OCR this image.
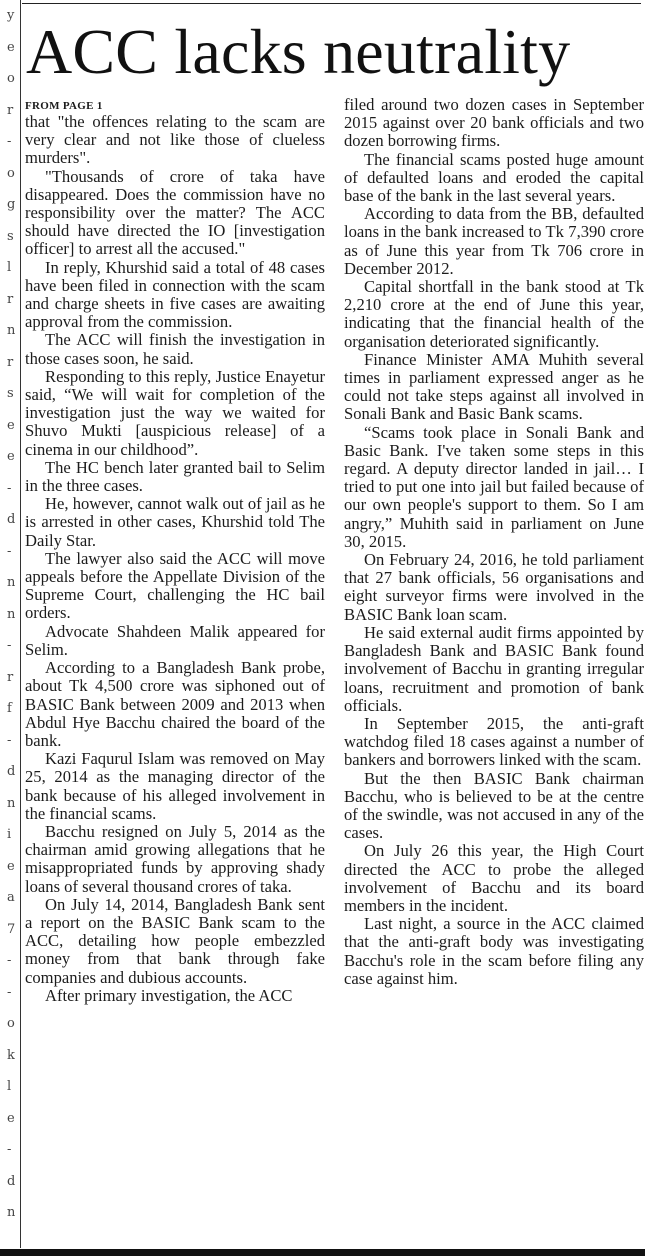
y
e
o
r
-
o
g
s
l
r
n
r
s
e
e
-
d
-
n
n
-
r
f
-
d
n
i
e
a
7
-
-
o
k
l
e
-
d
n
ACC lacks neutrality
FROM PAGE 1

that "the offences relating to the scam are very clear and not like those of clueless murders".

"Thousands of crore of taka have disappeared. Does the commission have no responsibility over the matter? The ACC should have directed the IO [investigation officer] to arrest all the accused."

In reply, Khurshid said a total of 48 cases have been filed in connection with the scam and charge sheets in five cases are awaiting approval from the commission.

The ACC will finish the investigation in those cases soon, he said.

Responding to this reply, Justice Enayetur said, “We will wait for completion of the investigation just the way we waited for Shuvo Mukti [auspicious release] of a cinema in our childhood”.

The HC bench later granted bail to Selim in the three cases.

He, however, cannot walk out of jail as he is arrested in other cases, Khurshid told The Daily Star.

The lawyer also said the ACC will move appeals before the Appellate Division of the Supreme Court, challenging the HC bail orders.

Advocate Shahdeen Malik appeared for Selim.

According to a Bangladesh Bank probe, about Tk 4,500 crore was siphoned out of BASIC Bank between 2009 and 2013 when Abdul Hye Bacchu chaired the board of the bank.

Kazi Faqurul Islam was removed on May 25, 2014 as the managing director of the bank because of his alleged involvement in the financial scams.

Bacchu resigned on July 5, 2014 as the chairman amid growing allegations that he misappropriated funds by approving shady loans of several thousand crores of taka.

On July 14, 2014, Bangladesh Bank sent a report on the BASIC Bank scam to the ACC, detailing how people embezzled money from that bank through fake companies and dubious accounts.

After primary investigation, the ACC

filed around two dozen cases in September 2015 against over 20 bank officials and two dozen borrowing firms.

The financial scams posted huge amount of defaulted loans and eroded the capital base of the bank in the last several years.

According to data from the BB, defaulted loans in the bank increased to Tk 7,390 crore as of June this year from Tk 706 crore in December 2012.

Capital shortfall in the bank stood at Tk 2,210 crore at the end of June this year, indicating that the financial health of the organisation deteriorated significantly.

Finance Minister AMA Muhith several times in parliament expressed anger as he could not take steps against all involved in Sonali Bank and Basic Bank scams.

“Scams took place in Sonali Bank and Basic Bank. I've taken some steps in this regard. A deputy director landed in jail… I tried to put one into jail but failed because of our own people's support to them. So I am angry,” Muhith said in parliament on June 30, 2015.

On February 24, 2016, he told parliament that 27 bank officials, 56 organisations and eight surveyor firms were involved in the BASIC Bank loan scam.

He said external audit firms appointed by Bangladesh Bank and BASIC Bank found involvement of Bacchu in granting irregular loans, recruitment and promotion of bank officials.

In September 2015, the anti-graft watchdog filed 18 cases against a number of bankers and borrowers linked with the scam.

But the then BASIC Bank chairman Bacchu, who is believed to be at the centre of the swindle, was not accused in any of the cases.

On July 26 this year, the High Court directed the ACC to probe the alleged involvement of Bacchu and its board members in the incident.

Last night, a source in the ACC claimed that the anti-graft body was investigating Bacchu's role in the scam before filing any case against him.
